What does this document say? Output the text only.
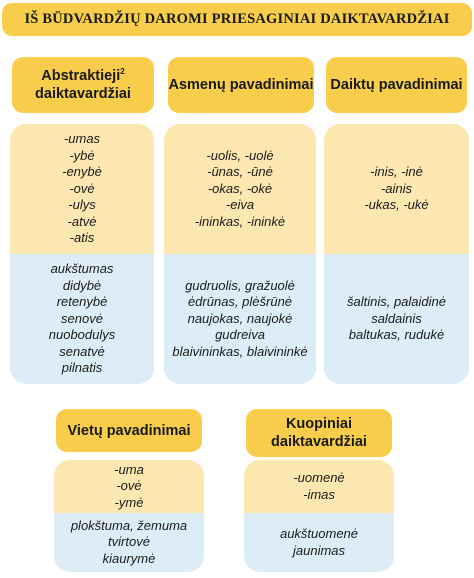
IŠ BŪDVARDŽIŲ DAROMI PRIESAGINIAI DAIKTAVARDŽIAI
Abstraktieji$^2$
daiktavardžiai
-umas
-ybė
-enybė
-ovė
-ulys
-atvė
-atis
aukštumas
didybė
retenybė
senovė
nuobodulys
senatvė
pilnatis
Asmenų pavadinimai
-uolis, -uolė
-ūnas, -ūnė
-okas, -okė
-eiva
-ininkas, -ininkė
gudruolis, gražuolė
ėdrūnas, plėšrūnė
naujokas, naujokė
gudreiva
blaivininkas, blaivininkė
Daiktų pavadinimai
-inis, -inė
-ainis
-ukas, -ukė
šaltinis, palaidinė
saldainis
baltukas, rudukė
Vietų pavadinimai
-uma
-ovė
-ymė
plokštuma, žemuma
tvirtovė
kiaurymė
Kuopiniai
daiktavardžiai
-uomenė
-imas
aukštuomenė
jaunimas
